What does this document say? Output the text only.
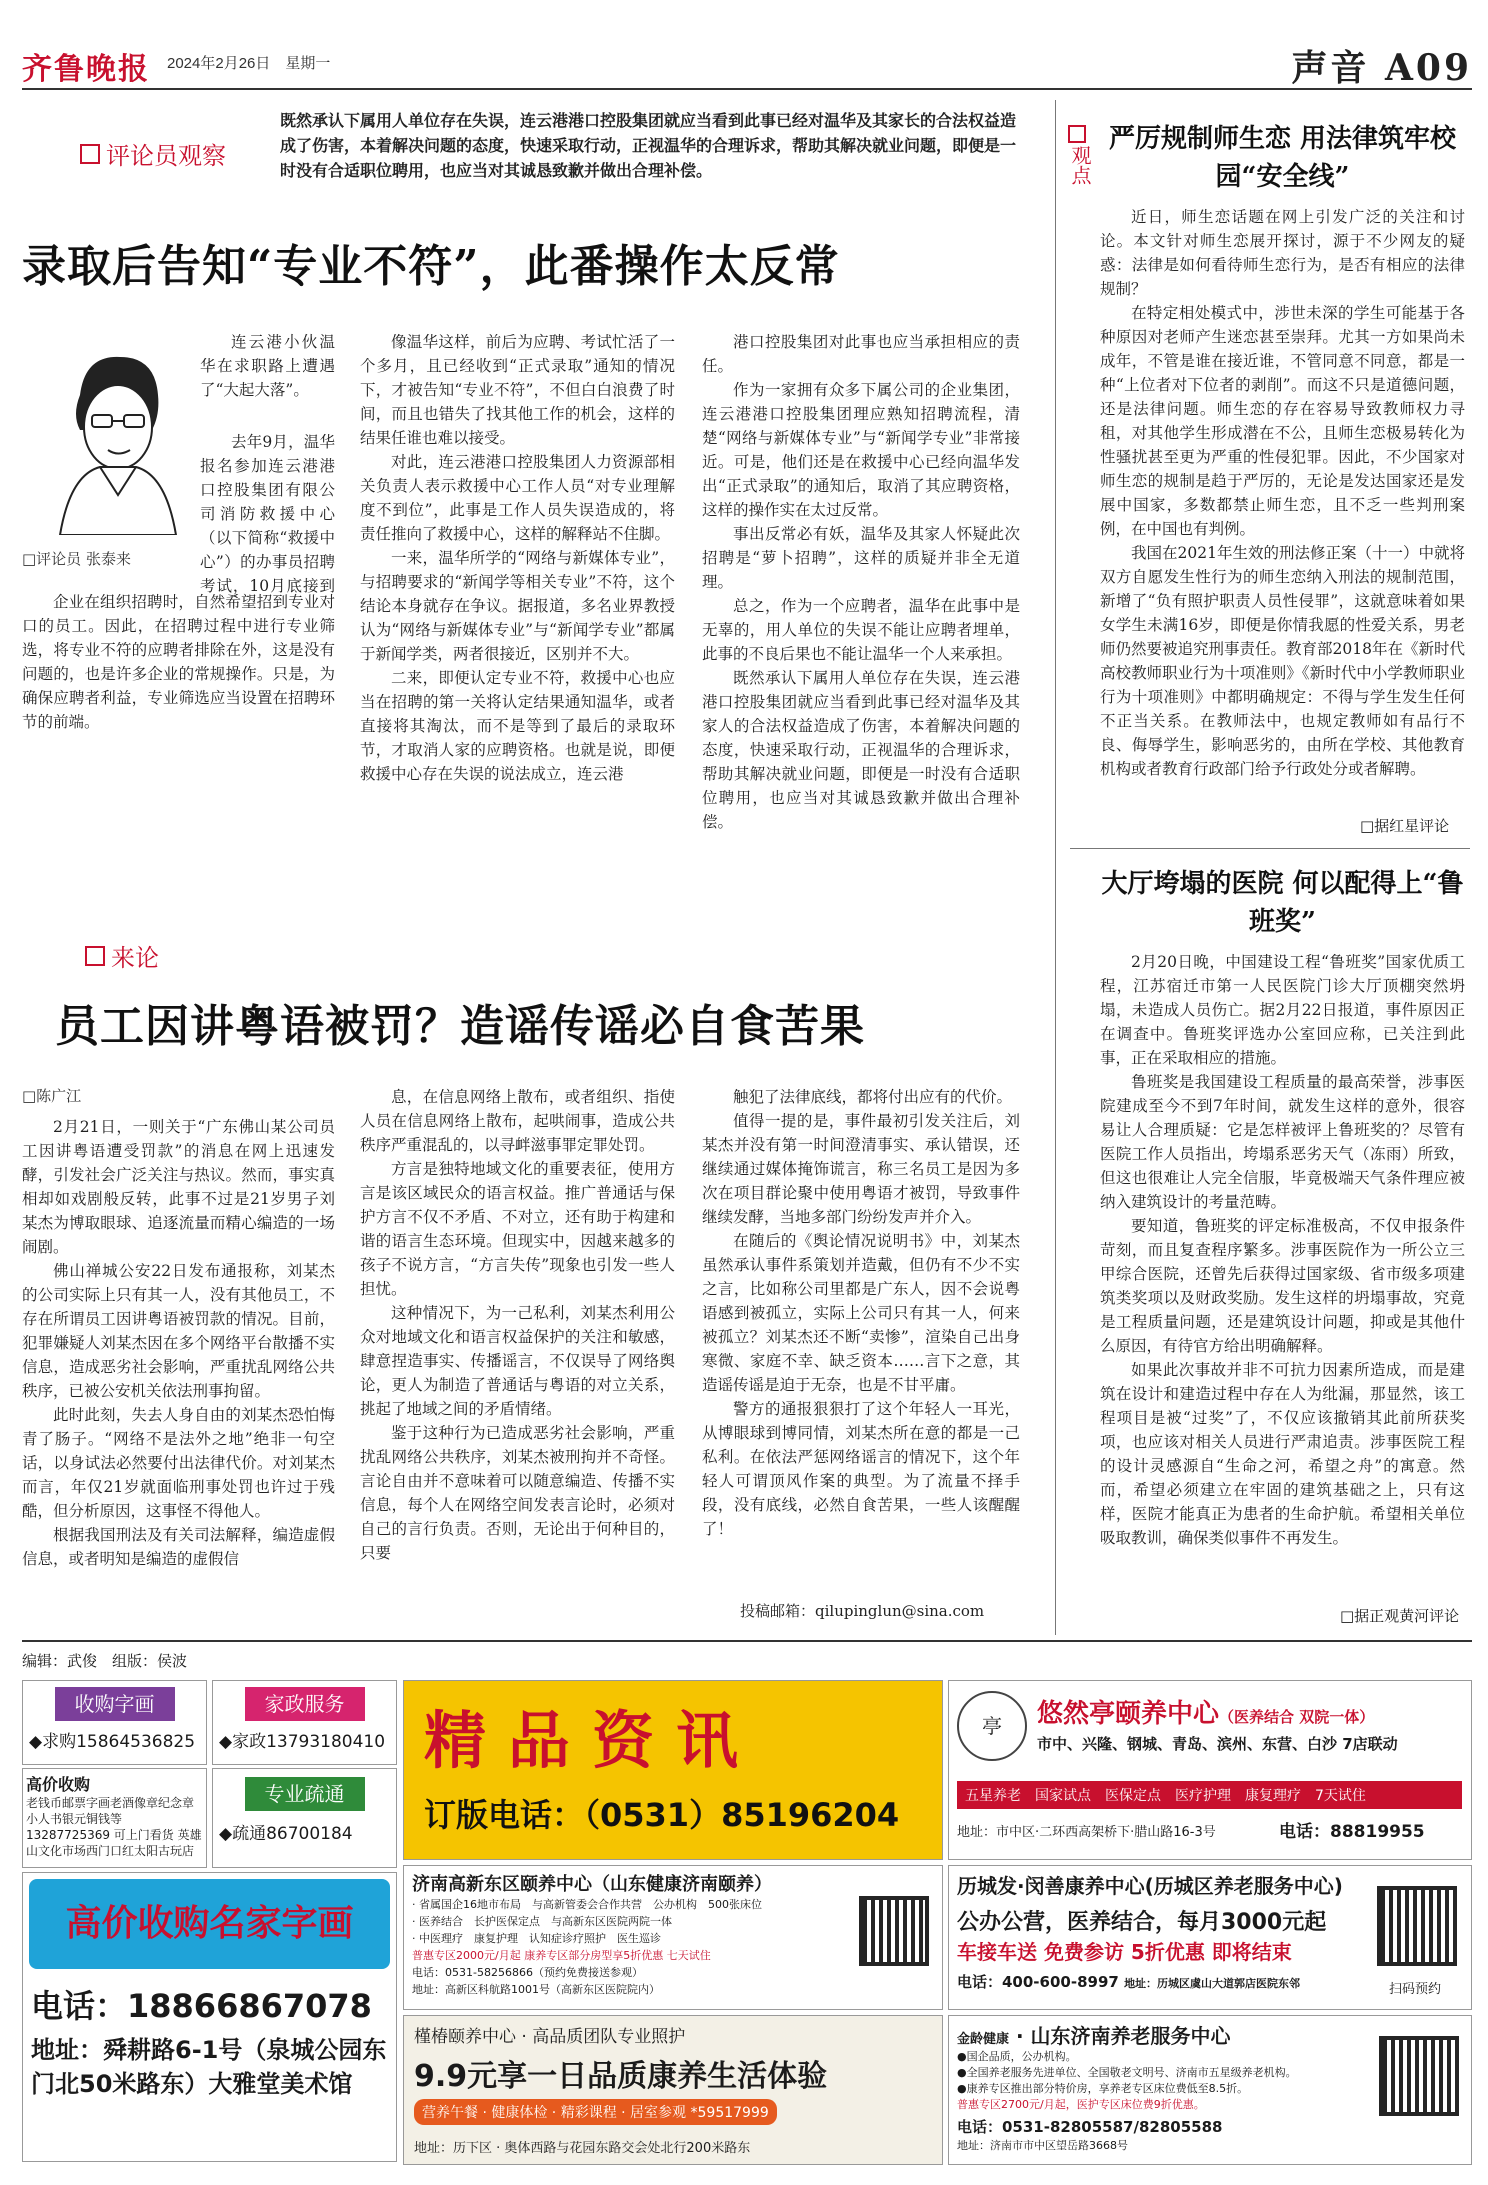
齐鲁晚报 2024年2月26日　 星期一	声音 A09
评论员观察
既然承认下属用人单位存在失误，连云港港口控股集团就应当看到此事已经对温华及其家长的合法权益造成了伤害，本着解决问题的态度，快速采取行动，正视温华的合理诉求，帮助其解决就业问题，即便是一时没有合适职位聘用，也应当对其诚恳致歉并做出合理补偿。
录取后告知“专业不符”，此番操作太反常
□评论员 张泰来

连云港小伙温华在求职路上遭遇了“大起大落”。

去年9月，温华报名参加连云港港口控股集团有限公司消防救援中心（以下简称“救援中心”）的办事员招聘考试，10月底接到

企业在组织招聘时，自然希望招到专业对口的员工。因此，在招聘过程中进行专业筛选，将专业不符的应聘者排除在外，这是没有问题的，也是许多企业的常规操作。只是，为确保应聘者利益，专业筛选应当设置在招聘环节的前端。

像温华这样，前后为应聘、考试忙活了一个多月，且已经收到“正式录取”通知的情况下，才被告知“专业不符”，不但白白浪费了时间，而且也错失了找其他工作的机会，这样的结果任谁也难以接受。

对此，连云港港口控股集团人力资源部相关负责人表示救援中心工作人员“对专业理解度不到位”，此事是工作人员失误造成的，将责任推向了救援中心，这样的解释站不住脚。

一来，温华所学的“网络与新媒体专业”，与招聘要求的“新闻学等相关专业”不符，这个结论本身就存在争议。据报道，多名业界教授认为“网络与新媒体专业”与“新闻学专业”都属于新闻学类，两者很接近，区别并不大。

二来，即便认定专业不符，救援中心也应当在招聘的第一关将认定结果通知温华，或者直接将其淘汰，而不是等到了最后的录取环节，才取消人家的应聘资格。也就是说，即便救援中心存在失误的说法成立，连云港

港口控股集团对此事也应当承担相应的责任。

作为一家拥有众多下属公司的企业集团，连云港港口控股集团理应熟知招聘流程，清楚“网络与新媒体专业”与“新闻学专业”非常接近。可是，他们还是在救援中心已经向温华发出“正式录取”的通知后，取消了其应聘资格，这样的操作实在太过反常。

事出反常必有妖，温华及其家人怀疑此次招聘是“萝卜招聘”，这样的质疑并非全无道理。

总之，作为一个应聘者，温华在此事中是无辜的，用人单位的失误不能让应聘者埋单，此事的不良后果也不能让温华一个人来承担。

既然承认下属用人单位存在失误，连云港港口控股集团就应当看到此事已经对温华及其家人的合法权益造成了伤害，本着解决问题的态度，快速采取行动，正视温华的合理诉求，帮助其解决就业问题，即便是一时没有合适职位聘用，也应当对其诚恳致歉并做出合理补偿。

来论
员工因讲粤语被罚？造谣传谣必自食苦果
□陈广江

2月21日，一则关于“广东佛山某公司员工因讲粤语遭受罚款”的消息在网上迅速发酵，引发社会广泛关注与热议。然而，事实真相却如戏剧般反转，此事不过是21岁男子刘某杰为博取眼球、追逐流量而精心编造的一场闹剧。

佛山禅城公安22日发布通报称，刘某杰的公司实际上只有其一人，没有其他员工，不存在所谓员工因讲粤语被罚款的情况。目前，犯罪嫌疑人刘某杰因在多个网络平台散播不实信息，造成恶劣社会影响，严重扰乱网络公共秩序，已被公安机关依法刑事拘留。

此时此刻，失去人身自由的刘某杰恐怕悔青了肠子。“网络不是法外之地”绝非一句空话，以身试法必然要付出法律代价。对刘某杰而言，年仅21岁就面临刑事处罚也许过于残酷，但分析原因，这事怪不得他人。

根据我国刑法及有关司法解释，编造虚假信息，或者明知是编造的虚假信

息，在信息网络上散布，或者组织、指使人员在信息网络上散布，起哄闹事，造成公共秩序严重混乱的，以寻衅滋事罪定罪处罚。

方言是独特地域文化的重要表征，使用方言是该区域民众的语言权益。推广普通话与保护方言不仅不矛盾、不对立，还有助于构建和谐的语言生态环境。但现实中，因越来越多的孩子不说方言，“方言失传”现象也引发一些人担忧。

这种情况下，为一己私利，刘某杰利用公众对地域文化和语言权益保护的关注和敏感，肆意捏造事实、传播谣言，不仅误导了网络舆论，更人为制造了普通话与粤语的对立关系，挑起了地域之间的矛盾情绪。

鉴于这种行为已造成恶劣社会影响，严重扰乱网络公共秩序，刘某杰被刑拘并不奇怪。言论自由并不意味着可以随意编造、传播不实信息，每个人在网络空间发表言论时，必须对自己的言行负责。否则，无论出于何种目的，只要

触犯了法律底线，都将付出应有的代价。

值得一提的是，事件最初引发关注后，刘某杰并没有第一时间澄清事实、承认错误，还继续通过媒体掩饰谎言，称三名员工是因为多次在项目群论聚中使用粤语才被罚，导致事件继续发酵，当地多部门纷纷发声并介入。

在随后的《舆论情况说明书》中，刘某杰虽然承认事件系策划并造戴，但仍有不少不实之言，比如称公司里都是广东人，因不会说粤语感到被孤立，实际上公司只有其一人，何来被孤立？刘某杰还不断“卖惨”，渲染自己出身寒微、家庭不幸、缺乏资本……言下之意，其造谣传谣是迫于无奈，也是不甘平庸。

警方的通报狠狠打了这个年轻人一耳光，从博眼球到博同情，刘某杰所在意的都是一己私利。在依法严惩网络谣言的情况下，这个年轻人可谓顶风作案的典型。为了流量不择手段，没有底线，必然自食苦果，一些人该醒醒了！

投稿邮箱：qilupinglun@sina.com
观点
严厉规制师生恋 用法律筑牢校园“安全线”

近日，师生恋话题在网上引发广泛的关注和讨论。本文针对师生恋展开探讨，源于不少网友的疑惑：法律是如何看待师生恋行为，是否有相应的法律规制？

在特定相处模式中，涉世未深的学生可能基于各种原因对老师产生迷恋甚至崇拜。尤其一方如果尚未成年，不管是谁在接近谁，不管同意不同意，都是一种“上位者对下位者的剥削”。而这不只是道德问题，还是法律问题。师生恋的存在容易导致教师权力寻租，对其他学生形成潜在不公，且师生恋极易转化为性骚扰甚至更为严重的性侵犯罪。因此，不少国家对师生恋的规制是趋于严厉的，无论是发达国家还是发展中国家，多数都禁止师生恋，且不乏一些判刑案例，在中国也有判例。

我国在2021年生效的刑法修正案（十一）中就将双方自愿发生性行为的师生恋纳入刑法的规制范围，新增了“负有照护职责人员性侵罪”，这就意味着如果女学生未满16岁，即便是你情我愿的性爱关系，男老师仍然要被追究刑事责任。教育部2018年在《新时代高校教师职业行为十项准则》《新时代中小学教师职业行为十项准则》中都明确规定：不得与学生发生任何不正当关系。在教师法中，也规定教师如有品行不良、侮辱学生，影响恶劣的，由所在学校、其他教育机构或者教育行政部门给予行政处分或者解聘。

□据红星评论
大厅垮塌的医院 何以配得上“鲁班奖”

2月20日晚，中国建设工程“鲁班奖”国家优质工程，江苏宿迁市第一人民医院门诊大厅顶棚突然坍塌，未造成人员伤亡。据2月22日报道，事件原因正在调查中。鲁班奖评选办公室回应称，已关注到此事，正在采取相应的措施。

鲁班奖是我国建设工程质量的最高荣誉，涉事医院建成至今不到7年时间，就发生这样的意外，很容易让人合理质疑：它是怎样被评上鲁班奖的？尽管有医院工作人员指出，垮塌系恶劣天气（冻雨）所致，但这也很难让人完全信服，毕竟极端天气条件理应被纳入建筑设计的考量范畴。

要知道，鲁班奖的评定标准极高，不仅申报条件苛刻，而且复查程序繁多。涉事医院作为一所公立三甲综合医院，还曾先后获得过国家级、省市级多项建筑类奖项以及财政奖励。发生这样的坍塌事故，究竟是工程质量问题，还是建筑设计问题，抑或是其他什么原因，有待官方给出明确解释。

如果此次事故并非不可抗力因素所造成，而是建筑在设计和建造过程中存在人为纰漏，那显然，该工程项目是被“过奖”了，不仅应该撤销其此前所获奖项，也应该对相关人员进行严肃追责。涉事医院工程的设计灵感源自“生命之河，希望之舟”的寓意。然而，希望必须建立在牢固的建筑基础之上，只有这样，医院才能真正为患者的生命护航。希望相关单位吸取教训，确保类似事件不再发生。

□据正观黄河评论
编辑：武俊　组版：侯波
收购字画
◆求购15864536825
家政服务
◆家政13793180410
高价收购
老钱币邮票字画老酒像章纪念章小人书银元铜钱等13287725369 可上门看货 英雄山文化市场西门口红太阳古玩店
专业疏通
◆疏通86700184
高价收购名家字画
电话：18866867078
地址：舜耕路6-1号（泉城公园东门北50米路东）大雅堂美术馆
精品资讯
订版电话：（0531）85196204
济南高新东区颐养中心（山东健康济南颐养）
· 省属国企16地市布局　与高新管委会合作共营　公办机构　500张床位
· 医养结合　长护医保定点　与高新东区医院两院一体
· 中医理疗　康复护理　认知症诊疗照护　医生巡诊
普惠专区2000元/月起 康养专区部分房型享5折优惠 七天试住
电话：0531-58256866（预约免费接送参观）
地址：高新区科航路1001号（高新东区医院院内）
槿椿颐养中心 · 高品质团队专业照护
9.9元享一日品质康养生活体验
营养午餐 · 健康体检 · 精彩课程 · 居室参观 *59517999
地址：历下区 · 奥体西路与花园东路交会处北行200米路东
亭	悠然亭颐养中心（医养结合 双院一体）
市中、兴隆、钢城、青岛、滨州、东营、白沙 7店联动
五星养老　国家试点　医保定点　医疗护理　康复理疗　7天试住
地址：市中区·二环西高架桥下·腊山路16-3号	电话：88819955
历城发·闵善康养中心(历城区养老服务中心)
公办公营，医养结合，每月3000元起
车接车送 免费参访 5折优惠 即将结束
电话：400-600-8997 地址：历城区虞山大道郭店医院东邻	扫码预约
金龄健康 · 山东济南养老服务中心
●国企品质，公办机构。
●全国养老服务先进单位、全国敬老文明号、济南市五星级养老机构。
●康养专区推出部分特价房，享养老专区床位费低至8.5折。
普惠专区2700元/月起，医护专区床位费9折优惠。
电话：0531-82805587/82805588
地址：济南市市中区望岳路3668号
